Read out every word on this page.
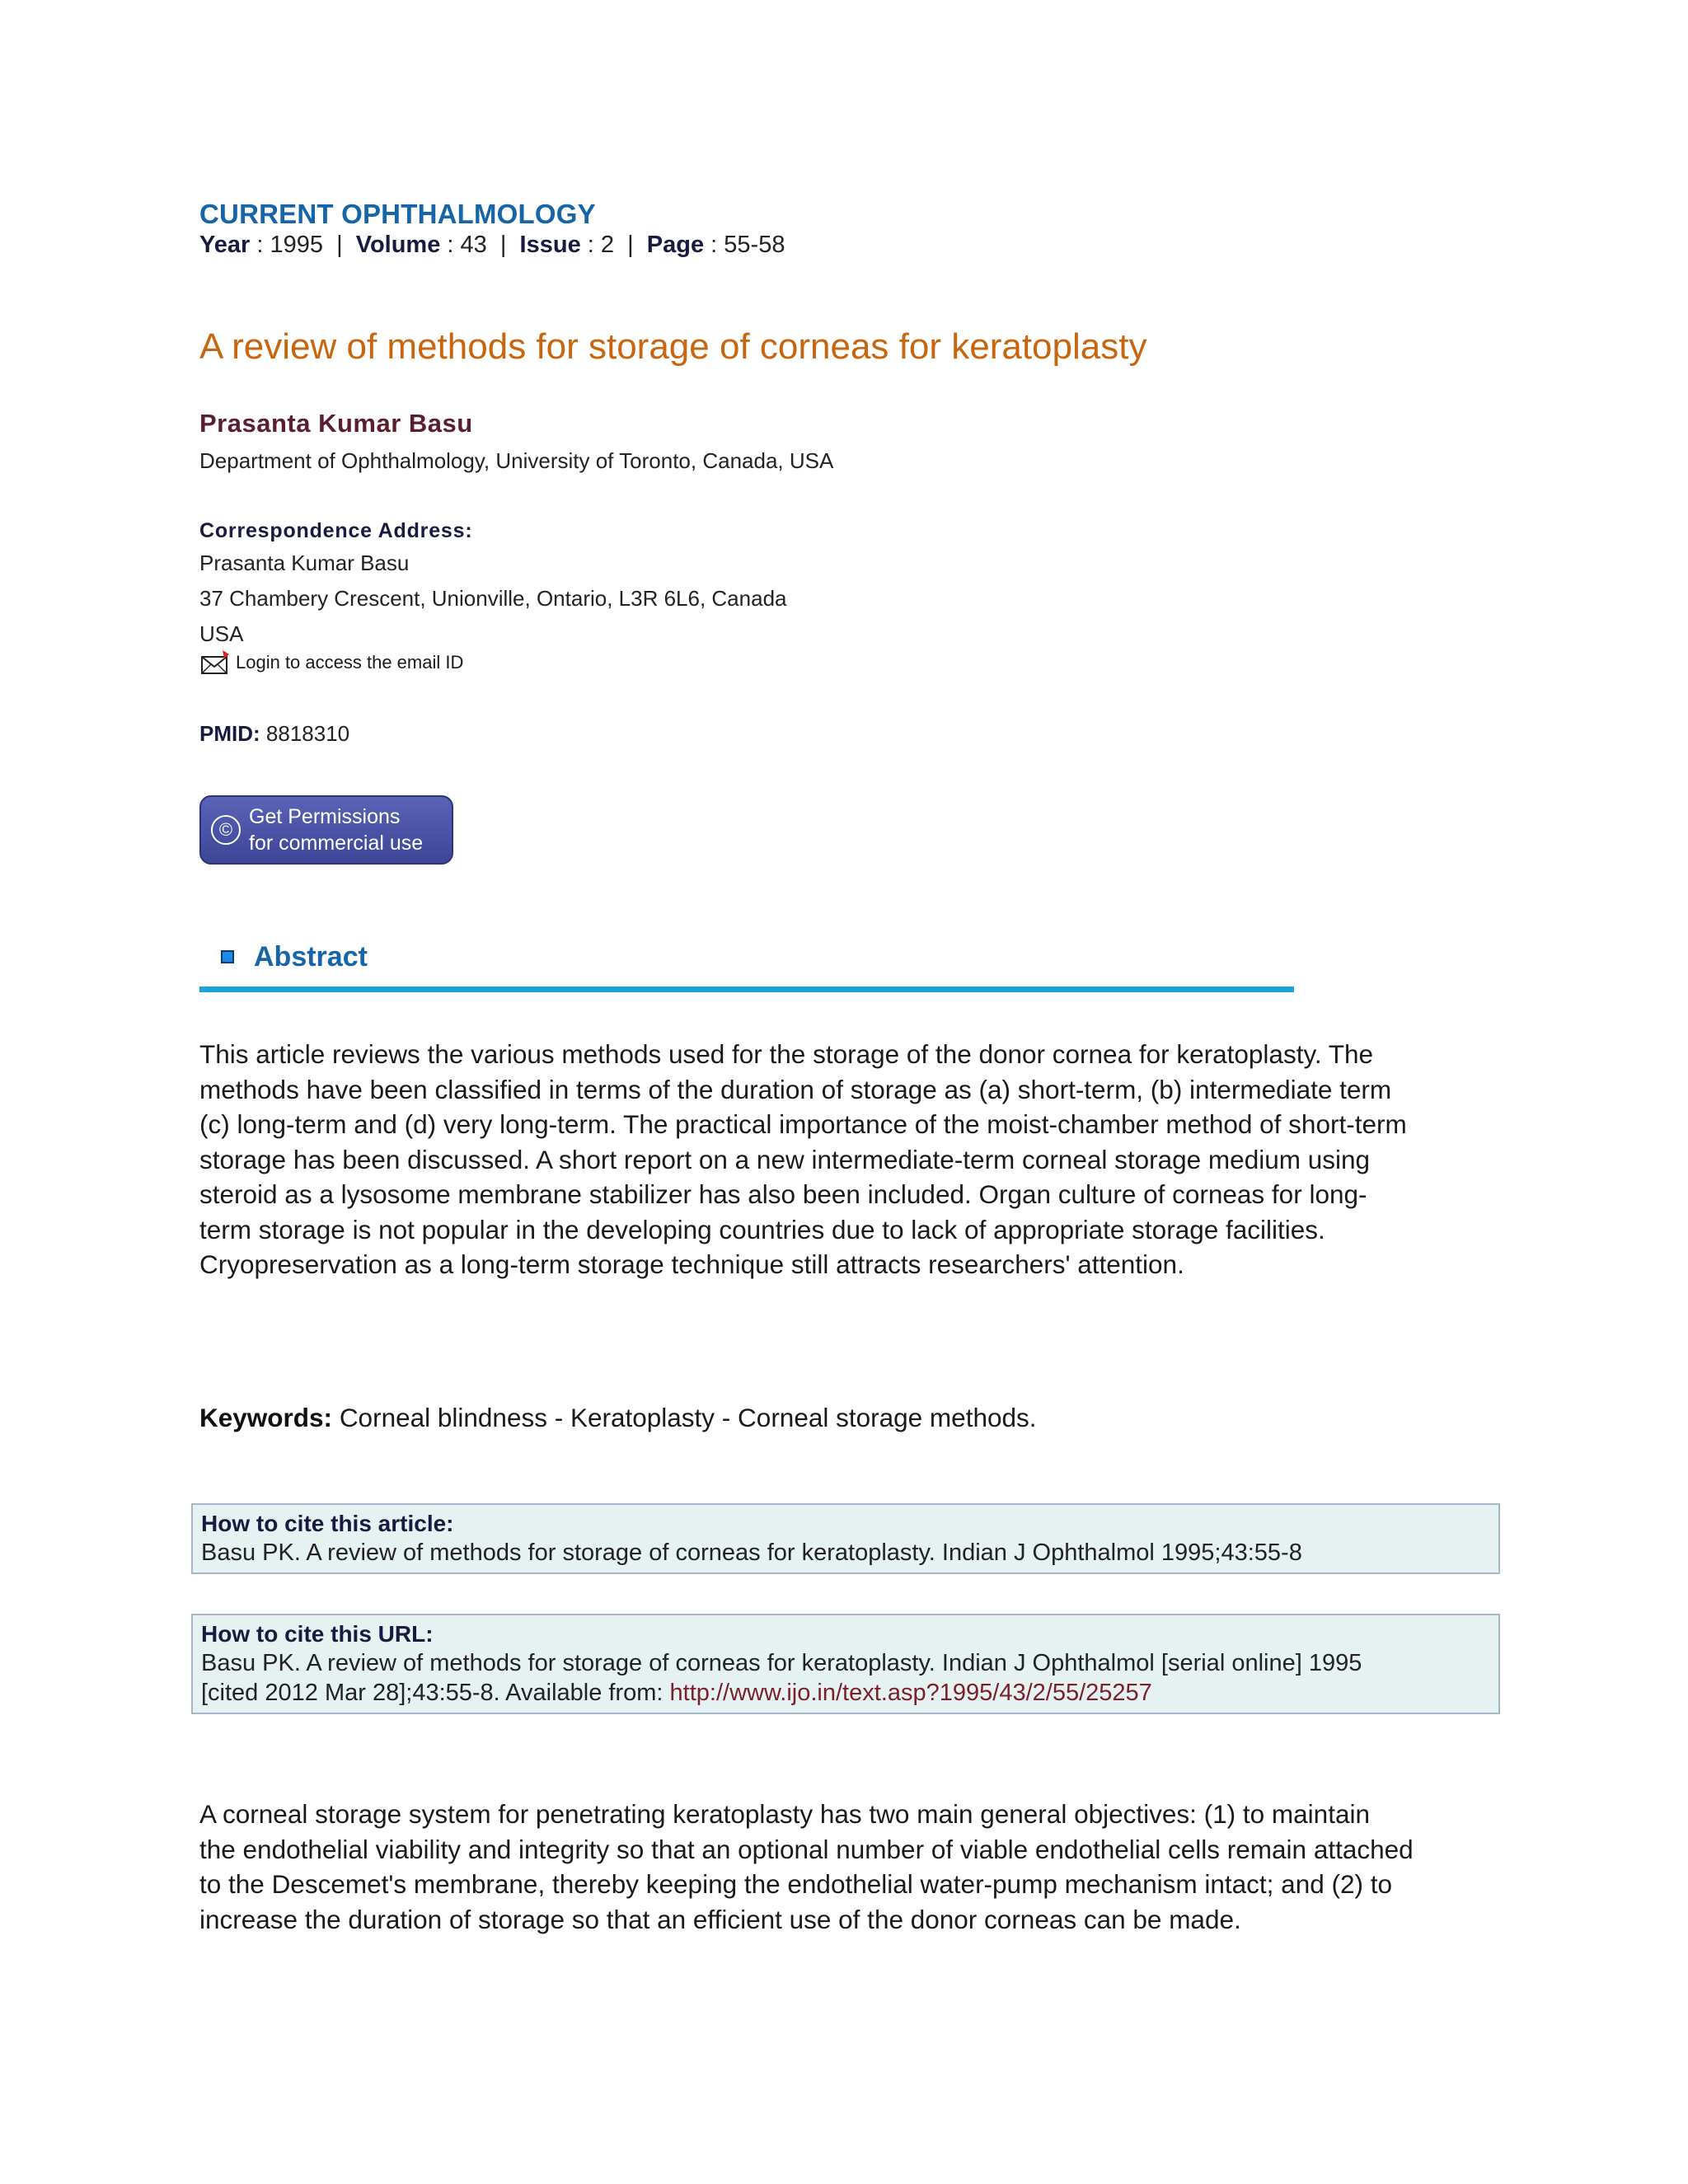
CURRENT OPHTHALMOLOGY
Year : 1995  |  Volume : 43  |  Issue : 2  |  Page : 55-58
A review of methods for storage of corneas for keratoplasty
Prasanta Kumar Basu
Department of Ophthalmology, University of Toronto, Canada, USA
Correspondence Address:
Prasanta Kumar Basu
37 Chambery Crescent, Unionville, Ontario, L3R 6L6, Canada
USA
Login to access the email ID
PMID: 8818310
©
Get Permissions
for commercial use
Abstract
This article reviews the various methods used for the storage of the donor cornea for keratoplasty. The
methods have been classified in terms of the duration of storage as (a) short-term, (b) intermediate term
(c) long-term and (d) very long-term. The practical importance of the moist-chamber method of short-term
storage has been discussed. A short report on a new intermediate-term corneal storage medium using
steroid as a lysosome membrane stabilizer has also been included. Organ culture of corneas for long-
term storage is not popular in the developing countries due to lack of appropriate storage facilities.
Cryopreservation as a long-term storage technique still attracts researchers' attention.
Keywords: Corneal blindness - Keratoplasty - Corneal storage methods.
How to cite this article:
Basu PK. A review of methods for storage of corneas for keratoplasty. Indian J Ophthalmol 1995;43:55-8
How to cite this URL:
Basu PK. A review of methods for storage of corneas for keratoplasty. Indian J Ophthalmol [serial online] 1995
[cited 2012 Mar 28];43:55-8. Available from: http://www.ijo.in/text.asp?1995/43/2/55/25257
A corneal storage system for penetrating keratoplasty has two main general objectives: (1) to maintain
the endothelial viability and integrity so that an optional number of viable endothelial cells remain attached
to the Descemet's membrane, thereby keeping the endothelial water-pump mechanism intact; and (2) to
increase the duration of storage so that an efficient use of the donor corneas can be made.
